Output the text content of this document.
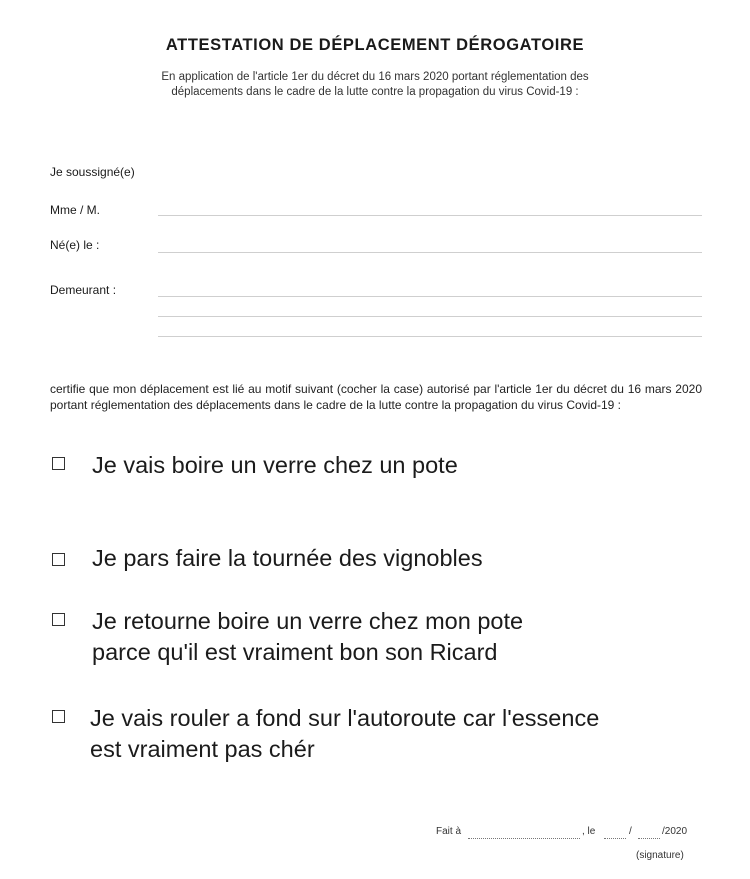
ATTESTATION DE DÉPLACEMENT DÉROGATOIRE
En application de l'article 1er du décret du 16 mars 2020 portant réglementation des
déplacements dans le cadre de la lutte contre la propagation du virus Covid-19 :
Je soussigné(e)
Mme / M.
Né(e) le :
Demeurant :
certifie que mon déplacement est lié au motif suivant (cocher la case) autorisé par l'article 1er du décret du 16 mars 2020 portant réglementation des déplacements dans le cadre de la lutte contre la propagation du virus Covid-19 :
Je vais boire un verre chez un pote
Je pars faire la tournée des vignobles
Je retourne boire un verre chez mon pote
parce qu'il est vraiment bon son Ricard
Je vais rouler a fond sur l'autoroute car l'essence
est vraiment pas chér
Fait à	, le	/	/2020
(signature)
